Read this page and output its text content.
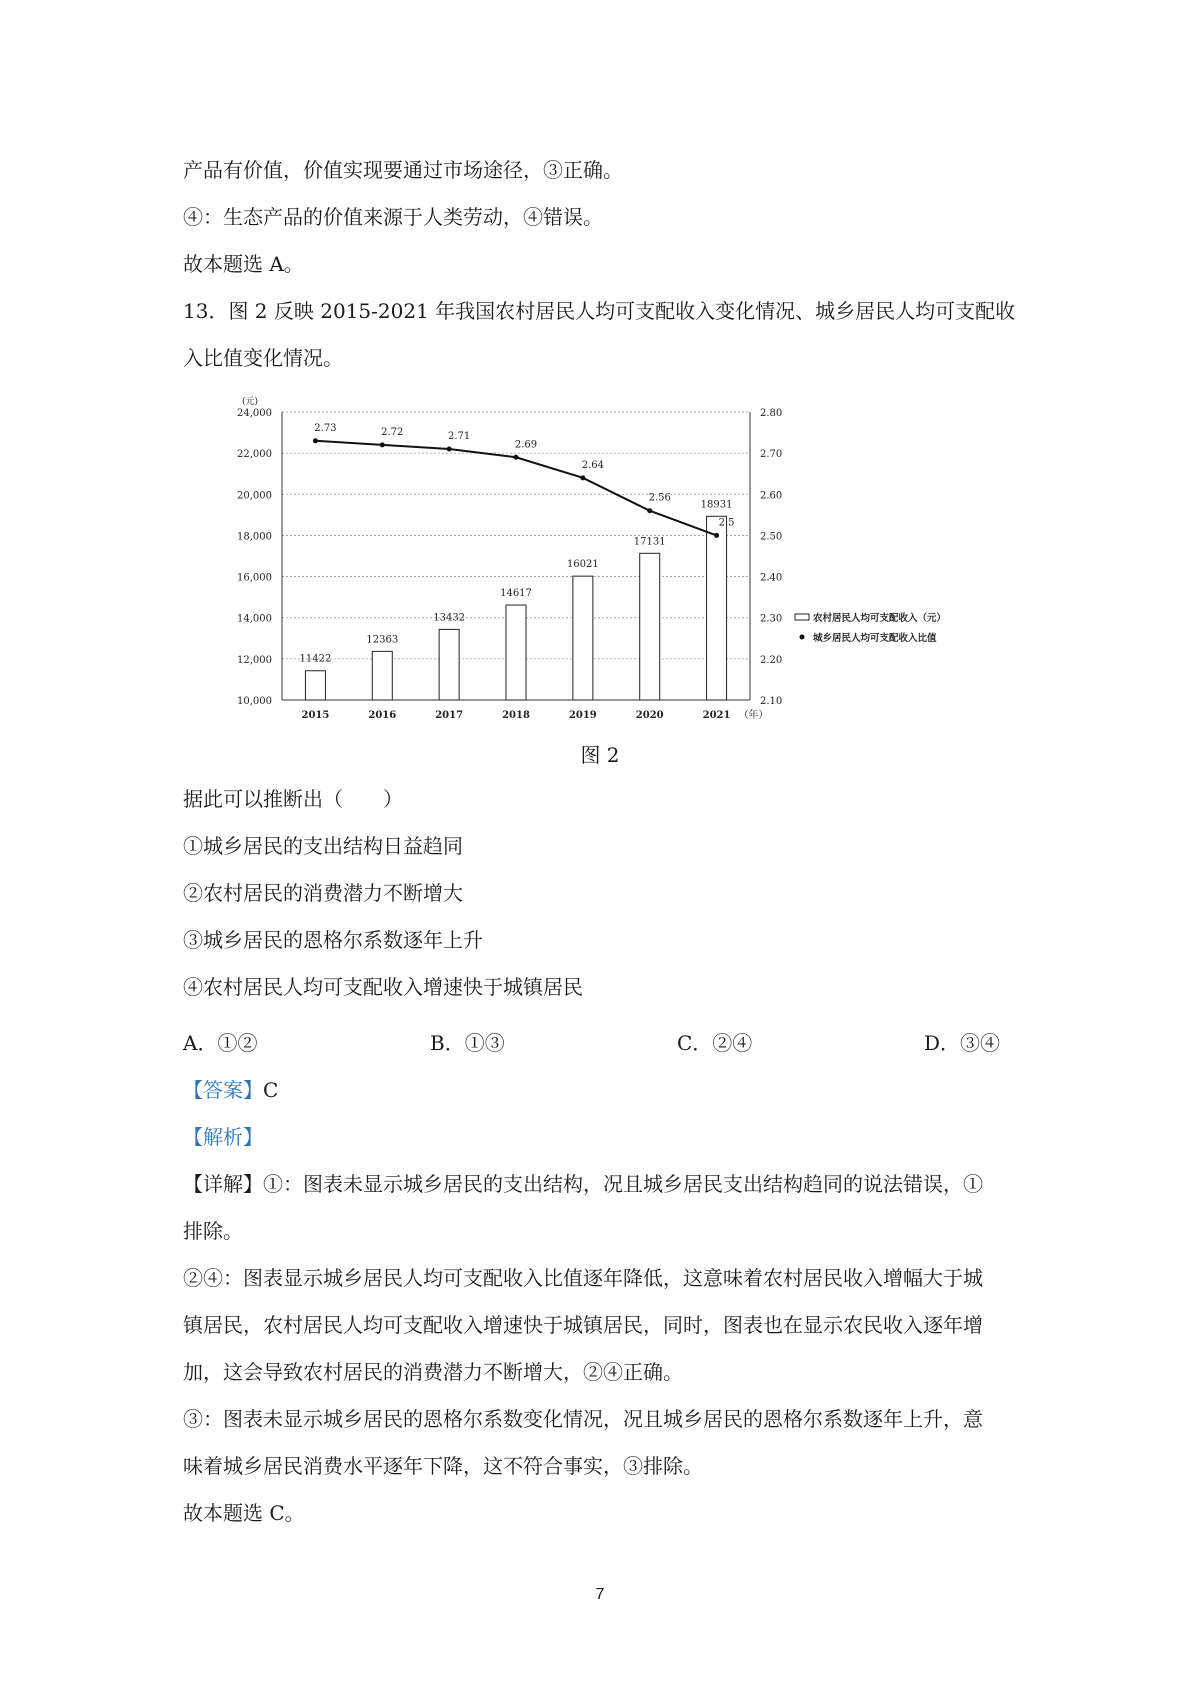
产品有价值，价值实现要通过市场途径，③正确。
④：生态产品的价值来源于人类劳动，④错误。
故本题选 A。
13．图 2 反映 2015-2021 年我国农村居民人均可支配收入变化情况、城乡居民人均可支配收
入比值变化情况。
10,000
12,000
14,000
16,000
18,000
20,000
22,000
24,000
2.10
2.20
2.30
2.40
2.50
2.60
2.70
2.80
(元)
11422
12363
13432
14617
16021
17131
18931
2015	2016	2017	2018	2019	2020	2021 （年）
2.73	2.72	2.71
2.69
2.64
2.56
2.5
农村居民人均可支配收入（元）
城乡居民人均可支配收入比值
图 2
据此可以推断出（　　）
①城乡居民的支出结构日益趋同
②农村居民的消费潜力不断增大
③城乡居民的恩格尔系数逐年上升
④农村居民人均可支配收入增速快于城镇居民
A．①②	B．①③	C．②④	D．③④
【答案】C
【解析】
【详解】①：图表未显示城乡居民的支出结构，况且城乡居民支出结构趋同的说法错误，①
排除。
②④：图表显示城乡居民人均可支配收入比值逐年降低，这意味着农村居民收入增幅大于城
镇居民，农村居民人均可支配收入增速快于城镇居民，同时，图表也在显示农民收入逐年增
加，这会导致农村居民的消费潜力不断增大，②④正确。
③：图表未显示城乡居民的恩格尔系数变化情况，况且城乡居民的恩格尔系数逐年上升，意
味着城乡居民消费水平逐年下降，这不符合事实，③排除。
故本题选 C。
7
